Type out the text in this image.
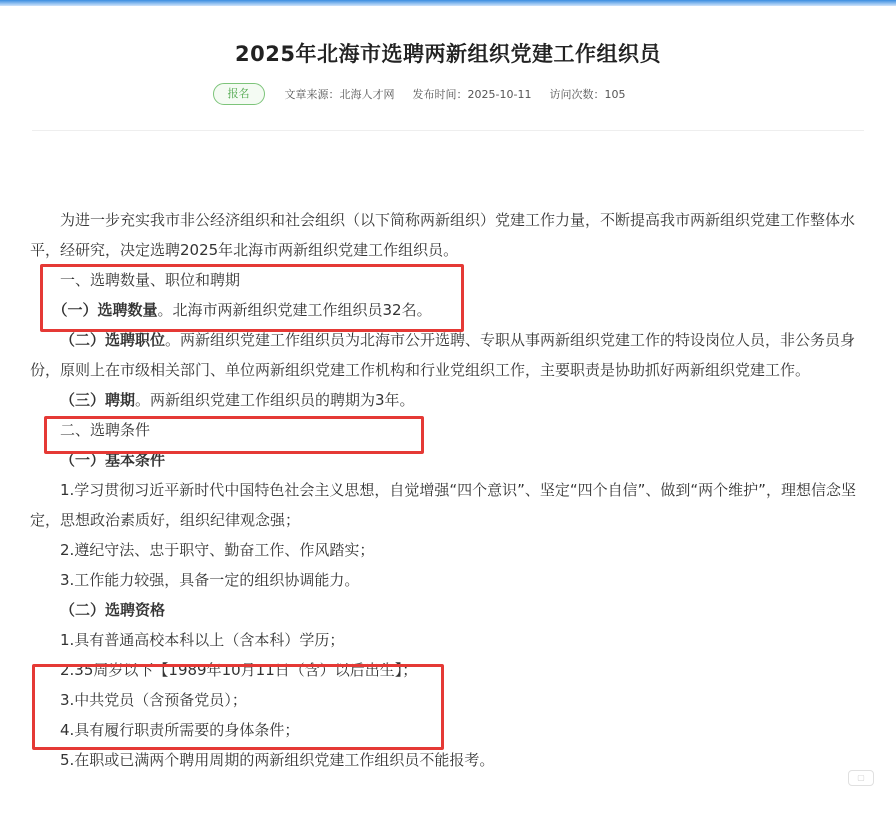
2025年北海市选聘两新组织党建工作组织员
报名	文章来源：北海人才网 发布时间：2025-10-11 访问次数：105

为进一步充实我市非公经济组织和社会组织（以下简称两新组织）党建工作力量，不断提高我市两新组织党建工作整体水平，经研究，决定选聘2025年北海市两新组织党建工作组织员。

一、选聘数量、职位和聘期

（一）选聘数量。北海市两新组织党建工作组织员32名。

（二）选聘职位。两新组织党建工作组织员为北海市公开选聘、专职从事两新组织党建工作的特设岗位人员，非公务员身份，原则上在市级相关部门、单位两新组织党建工作机构和行业党组织工作，主要职责是协助抓好两新组织党建工作。

（三）聘期。两新组织党建工作组织员的聘期为3年。

二、选聘条件

（一）基本条件

1.学习贯彻习近平新时代中国特色社会主义思想，自觉增强“四个意识”、坚定“四个自信”、做到“两个维护”，理想信念坚定，思想政治素质好，组织纪律观念强；

2.遵纪守法、忠于职守、勤奋工作、作风踏实；

3.工作能力较强，具备一定的组织协调能力。

（二）选聘资格

1.具有普通高校本科以上（含本科）学历；

2.35周岁以下【1989年10月11日（含）以后出生】；

3.中共党员（含预备党员）；

4.具有履行职责所需要的身体条件；

5.在职或已满两个聘用周期的两新组织党建工作组织员不能报考。

▢
